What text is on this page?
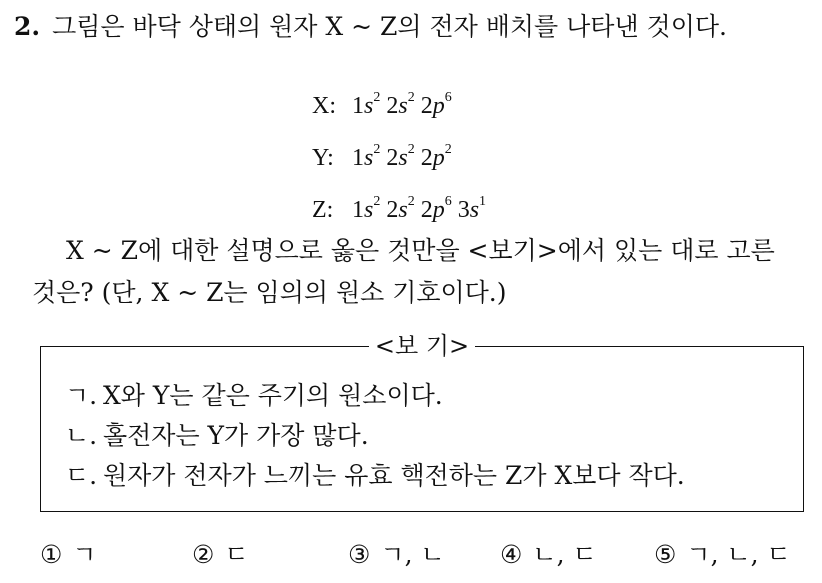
2. 그림은 바닥 상태의 원자 X ~ Z의 전자 배치를 나타낸 것이다.
X: $1s^2$ $2s^2$ $2p^6$
Y: $1s^2$ $2s^2$ $2p^2$
Z: $1s^2$ $2s^2$ $2p^6$ $3s^1$
X ~ Z에 대한 설명으로 옳은 것만을 <보기>에서 있는 대로 고른
것은? (단, X ~ Z는 임의의 원소 기호이다.)
<보 기>
ㄱ. X와 Y는 같은 주기의 원소이다.
ㄴ. 홀전자는 Y가 가장 많다.
ㄷ. 원자가 전자가 느끼는 유효 핵전하는 Z가 X보다 작다.
① ㄱ	② ㄷ	③ ㄱ, ㄴ ④ ㄴ, ㄷ ⑤ ㄱ, ㄴ, ㄷ
